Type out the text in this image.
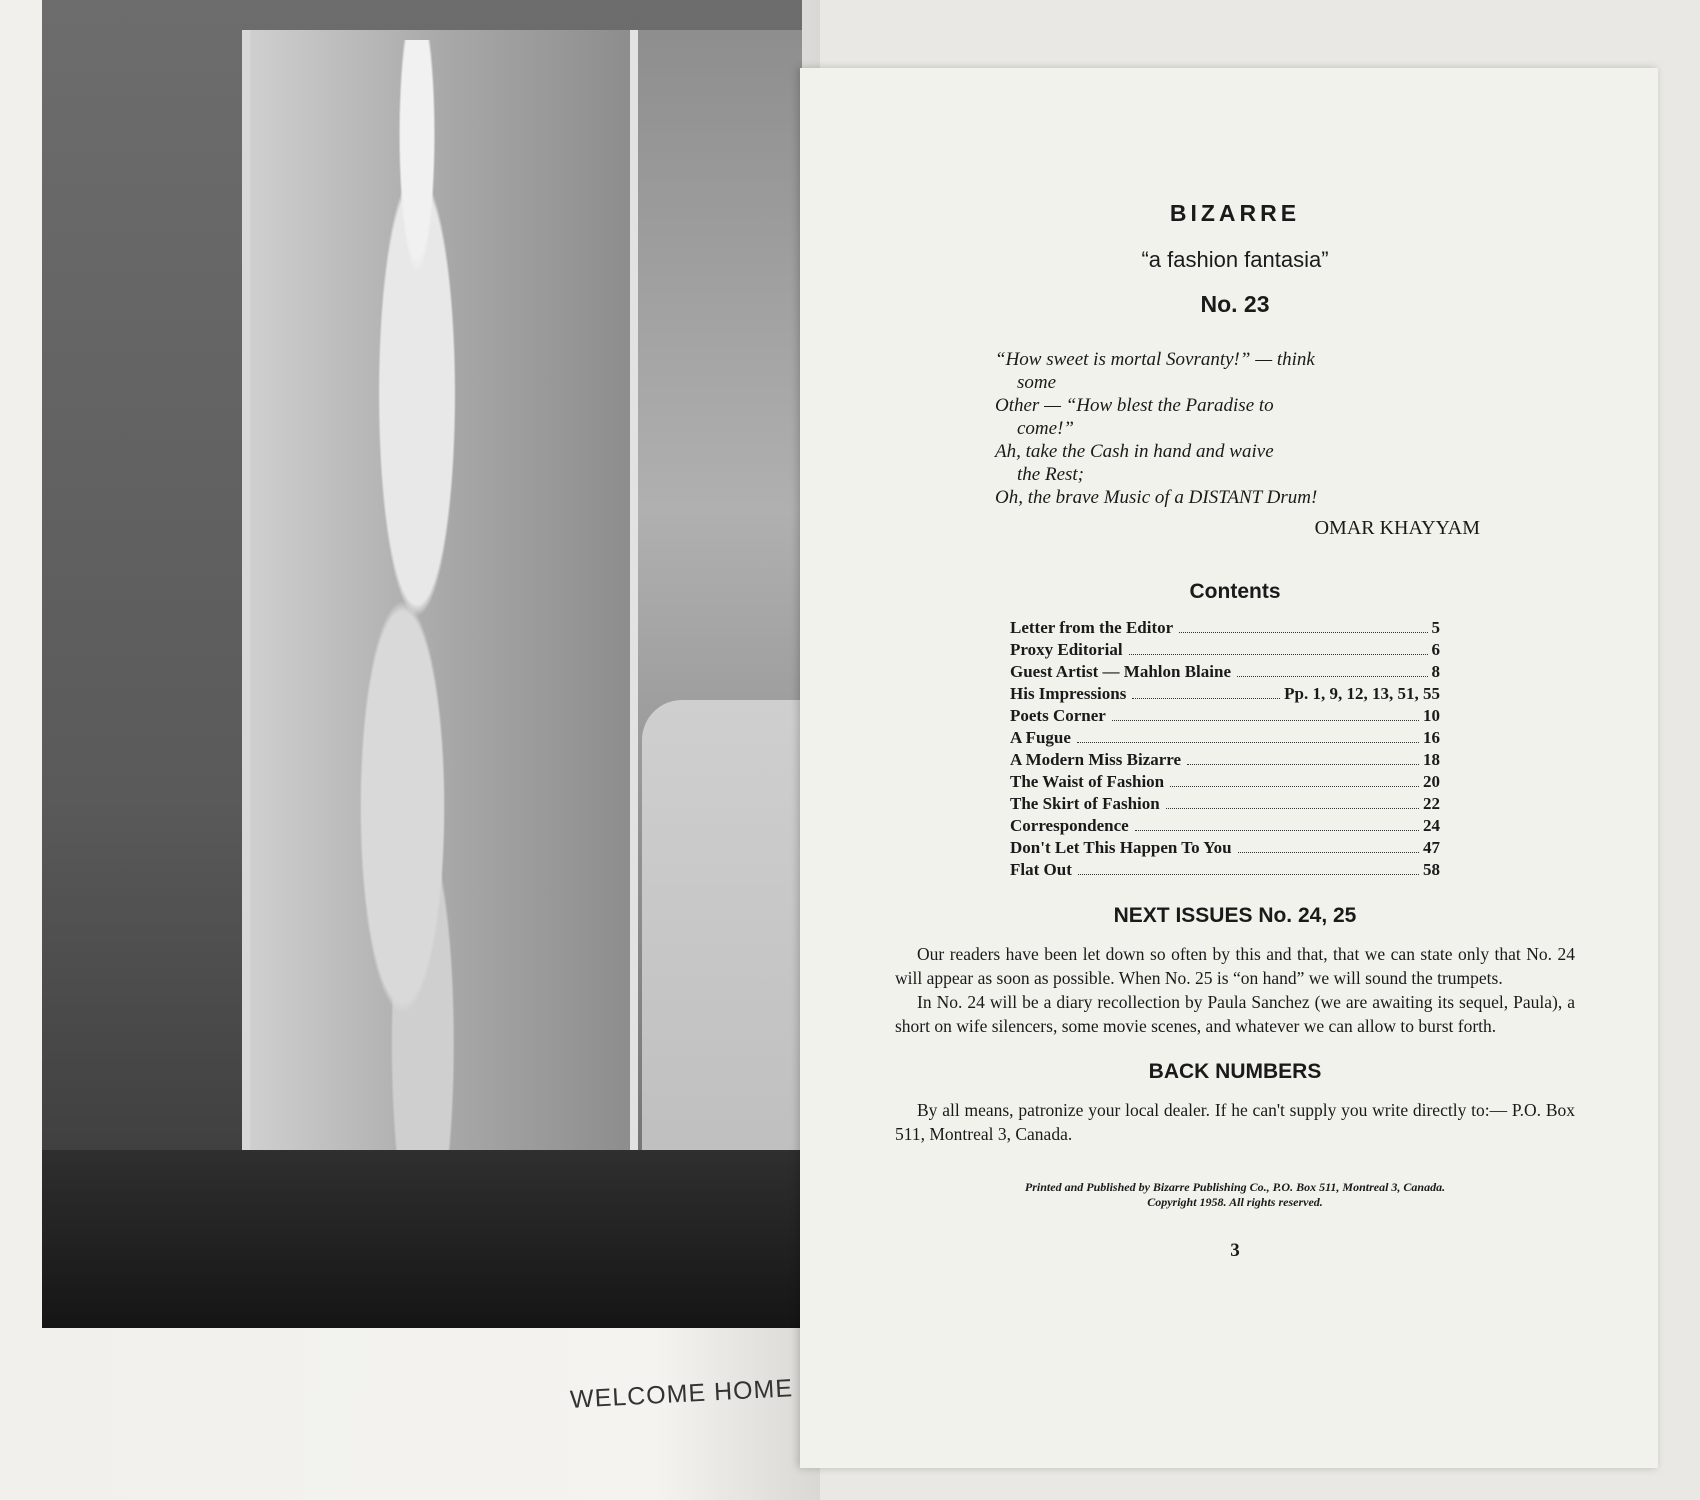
WELCOME HOME
BIZARRE
“a fashion fantasia”
No. 23
“How sweet is mortal Sovranty!” — think
some
Other — “How blest the Paradise to
come!”
Ah, take the Cash in hand and waive
the Rest;
Oh, the brave Music of a DISTANT Drum!
OMAR KHAYYAM
Contents
Letter from the Editor	5
Proxy Editorial	6
Guest Artist — Mahlon Blaine	8
His Impressions	Pp. 1, 9, 12, 13, 51, 55
Poets Corner	10
A Fugue	16
A Modern Miss Bizarre	18
The Waist of Fashion	20
The Skirt of Fashion	22
Correspondence	24
Don't Let This Happen To You	47
Flat Out	58
NEXT ISSUES No. 24, 25

Our readers have been let down so often by this and that, that we can state only that No. 24 will appear as soon as possible. When No. 25 is “on hand” we will sound the trumpets.

In No. 24 will be a diary recollection by Paula Sanchez (we are awaiting its sequel, Paula), a short on wife silencers, some movie scenes, and whatever we can allow to burst forth.

BACK NUMBERS

By all means, patronize your local dealer. If he can't supply you write directly to:— P.O. Box 511, Montreal 3, Canada.

Printed and Published by Bizarre Publishing Co., P.O. Box 511, Montreal 3, Canada.
Copyright 1958. All rights reserved.
3
